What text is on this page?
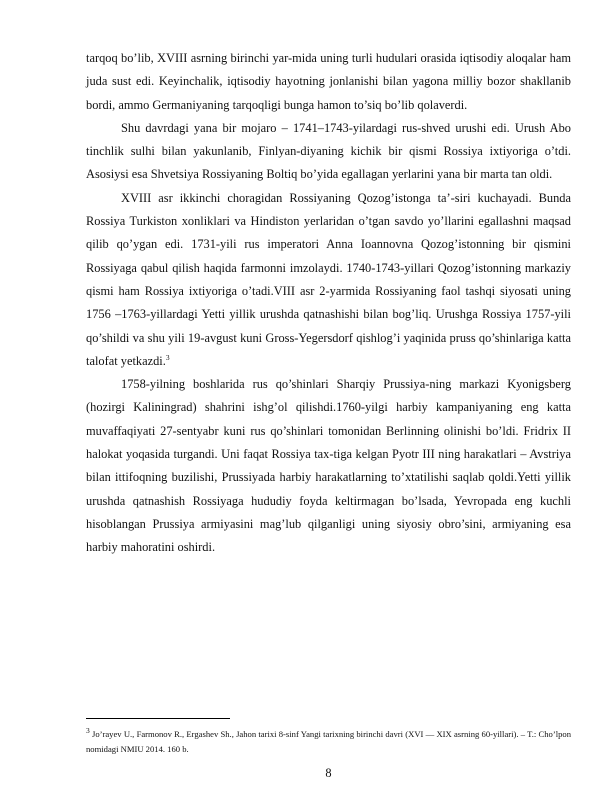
tarqoq bo’lib, XVIII asrning birinchi yar-mida uning turli hudulari orasida iqtisodiy aloqalar ham juda sust edi. Keyinchalik, iqtisodiy hayotning jonlanishi bilan yagona milliy bozor shakllanib bordi, ammo Germaniyaning tarqoqligi bunga hamon to’siq bo’lib qolaverdi.

Shu davrdagi yana bir mojaro – 1741–1743-yilardagi rus-shved urushi edi. Urush Abo tinchlik sulhi bilan yakunlanib, Finlyan-diyaning kichik bir qismi Rossiya ixtiyoriga o’tdi. Asosiysi esa Shvetsiya Rossiyaning Boltiq bo’yida egallagan yerlarini yana bir marta tan oldi.

XVIII asr ikkinchi choragidan Rossiyaning Qozog’istonga ta’-siri kuchayadi. Bunda Rossiya Turkiston xonliklari va Hindiston yerlaridan o’tgan savdo yo’llarini egallashni maqsad qilib qo’ygan edi. 1731-yili rus imperatori Anna Ioannovna Qozog’istonning bir qismini Rossiyaga qabul qilish haqida farmonni imzolaydi. 1740-1743-yillari Qozog’istonning markaziy qismi ham Rossiya ixtiyoriga o’tadi.VIII asr 2-yarmida Rossiyaning faol tashqi siyosati uning 1756 –1763-yillardagi Yetti yillik urushda qatnashishi bilan bog’liq. Urushga Rossiya 1757-yili qo’shildi va shu yili 19-avgust kuni Gross-Yegersdorf qishlog’i yaqinida pruss qo’shinlariga katta talofat yetkazdi.$^3$

1758-yilning boshlarida rus qo’shinlari Sharqiy Prussiya-ning markazi Kyonigsberg (hozirgi Kaliningrad) shahrini ishg’ol qilishdi.1760-yilgi harbiy kampaniyaning eng katta muvaffaqiyati 27-sentyabr kuni rus qo’shinlari tomonidan Berlinning olinishi bo’ldi. Fridrix II halokat yoqasida turgandi. Uni faqat Rossiya tax-tiga kelgan Pyotr III ning harakatlari – Avstriya bilan ittifoqning buzilishi, Prussiyada harbiy harakatlarning to’xtatilishi saqlab qoldi.Yetti yillik urushda qatnashish Rossiyaga hududiy foyda keltirmagan bo’lsada, Yevropada eng kuchli hisoblangan Prussiya armiyasini mag’lub qilganligi uning siyosiy obro’sini, armiyaning esa harbiy mahoratini oshirdi.

$^3$ Jo’rayev U., Farmonov R., Ergashev Sh., Jahon tarixi 8-sinf Yangi tarixning birinchi davri (XVI — XIX asrning 60-yillari). – T.: Cho’lpon nomidagi NMIU 2014. 160 b.

8
